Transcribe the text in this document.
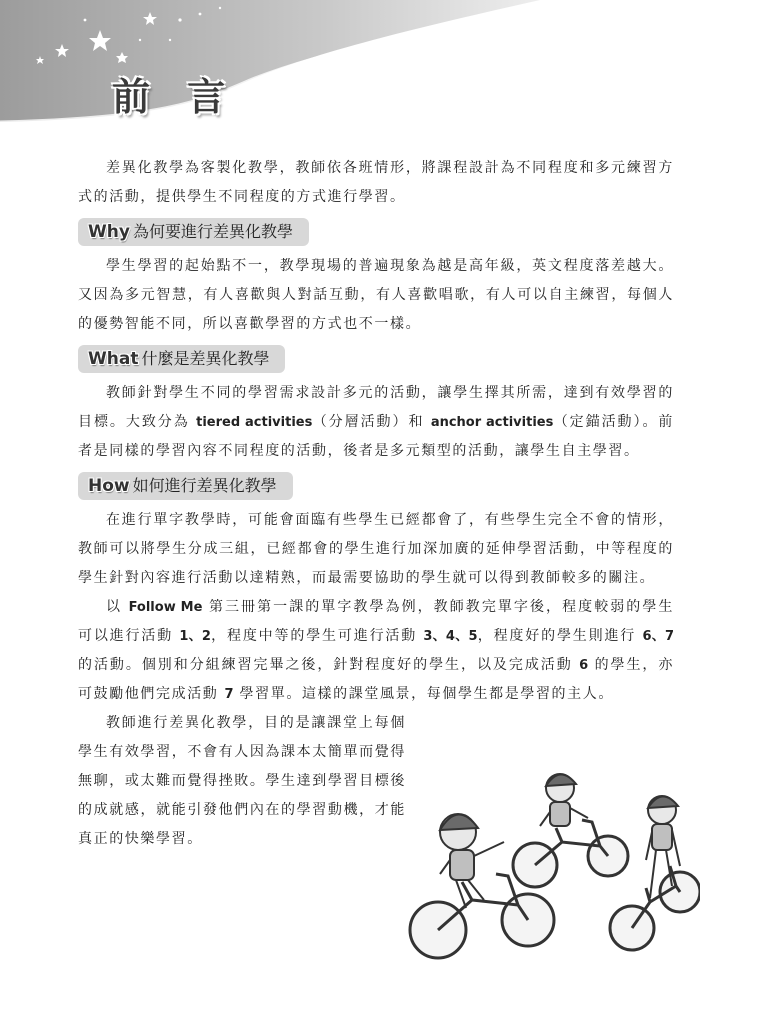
前 言

差異化教學為客製化教學，教師依各班情形，將課程設計為不同程度和多元練習方式的活動，提供學生不同程度的方式進行學習。

Why 為何要進行差異化教學

學生學習的起始點不一，教學現場的普遍現象為越是高年級，英文程度落差越大。又因為多元智慧，有人喜歡與人對話互動，有人喜歡唱歌，有人可以自主練習，每個人的優勢智能不同，所以喜歡學習的方式也不一樣。

What 什麼是差異化教學

教師針對學生不同的學習需求設計多元的活動，讓學生擇其所需，達到有效學習的目標。大致分為 tiered activities（分層活動）和 anchor activities（定錨活動）。前者是同樣的學習內容不同程度的活動，後者是多元類型的活動，讓學生自主學習。

How 如何進行差異化教學

在進行單字教學時，可能會面臨有些學生已經都會了，有些學生完全不會的情形，教師可以將學生分成三組，已經都會的學生進行加深加廣的延伸學習活動，中等程度的學生針對內容進行活動以達精熟，而最需要協助的學生就可以得到教師較多的關注。

以 Follow Me 第三冊第一課的單字教學為例，教師教完單字後，程度較弱的學生可以進行活動 1、2，程度中等的學生可進行活動 3、4、5，程度好的學生則進行 6、7的活動。個別和分組練習完畢之後，針對程度好的學生，以及完成活動 6 的學生，亦可鼓勵他們完成活動 7 學習單。這樣的課堂風景，每個學生都是學習的主人。

教師進行差異化教學，目的是讓課堂上每個學生有效學習，不會有人因為課本太簡單而覺得無聊，或太難而覺得挫敗。學生達到學習目標後的成就感，就能引發他們內在的學習動機，才能真正的快樂學習。
